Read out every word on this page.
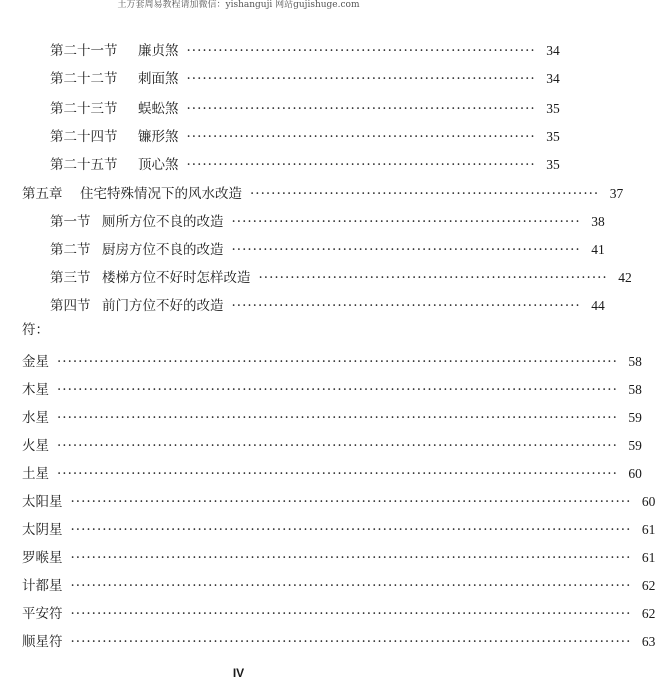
土万套周易教程请加微信：yishanguji 网站gujishuge.com
第二十一节	廉贞煞 ·································································· 34
第二十二节	刺面煞 ·································································· 34
第二十三节	蜈蚣煞 ·································································· 35
第二十四节	镰形煞 ·································································· 35
第二十五节	顶心煞 ·································································· 35
第五章	住宅特殊情况下的风水改造 ·································································· 37
第一节 厕所方位不良的改造 ·································································· 38
第二节 厨房方位不良的改造 ·································································· 41
第三节 楼梯方位不好时怎样改造 ·································································· 42
第四节 前门方位不好的改造 ·································································· 44
符：
金星 ·········································································································· 58
木星 ·········································································································· 58
水星 ·········································································································· 59
火星 ·········································································································· 59
土星 ·········································································································· 60
太阳星 ·········································································································· 60
太阴星 ·········································································································· 61
罗喉星 ·········································································································· 61
计都星 ·········································································································· 62
平安符 ·········································································································· 62
顺星符 ·········································································································· 63
IV
